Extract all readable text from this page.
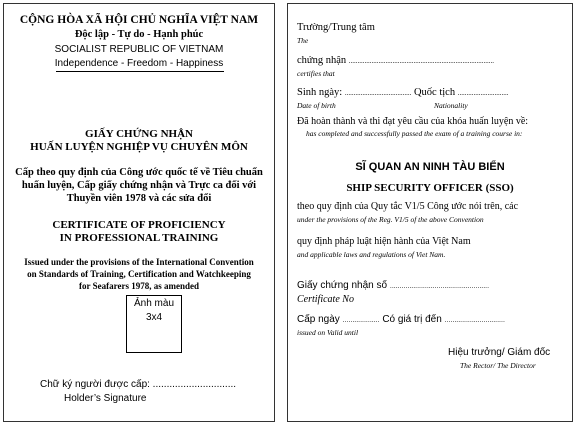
CỘNG HÒA XÃ HỘI CHỦ NGHĨA VIỆT NAM
Độc lập - Tự do - Hạnh phúc
SOCIALIST REPUBLIC OF VIETNAM
Independence - Freedom - Happiness
GIẤY CHỨNG NHẬN
HUẤN LUYỆN NGHIỆP VỤ CHUYÊN MÔN
Cấp theo quy định của Công ước quốc tế về Tiêu chuẩn
huấn luyện, Cấp giấy chứng nhận và Trực ca đối với
Thuyền viên 1978 và các sửa đổi
CERTIFICATE OF PROFICIENCY
IN PROFESSIONAL TRAINING
Issued under the provisions of the International Convention
on Standards of Training, Certification and Watchkeeping
for Seafarers 1978, as amended
Ảnh màu
3x4
Chữ ký người được cấp: ..............................
Holder’s Signature
Trường/Trung tâm
The
chứng nhận ...................................................................................
certifies that
Sinh ngày: ...................................... Quốc tịch .............................
Date of birth	Nationality
Đã hoàn thành và thi đạt yêu cầu của khóa huấn luyện về:
has completed and successfully passed the exam of a training course in:
SĨ QUAN AN NINH TÀU BIỂN
SHIP SECURITY OFFICER (SSO)
theo quy định của Quy tắc V1/5 Công ước nói trên, các
under the provisions of the Reg. V1/5 of the above Convention
quy định pháp luật hiện hành của Việt Nam
and applicable laws and regulations of Viet Nam.
Giấy chứng nhận số ...................................................
Certificate No
Cấp ngày ................... Có giá trị đến ...............................
issued on Valid until
Hiệu trưởng/ Giám đốc
The Rector/ The Director
